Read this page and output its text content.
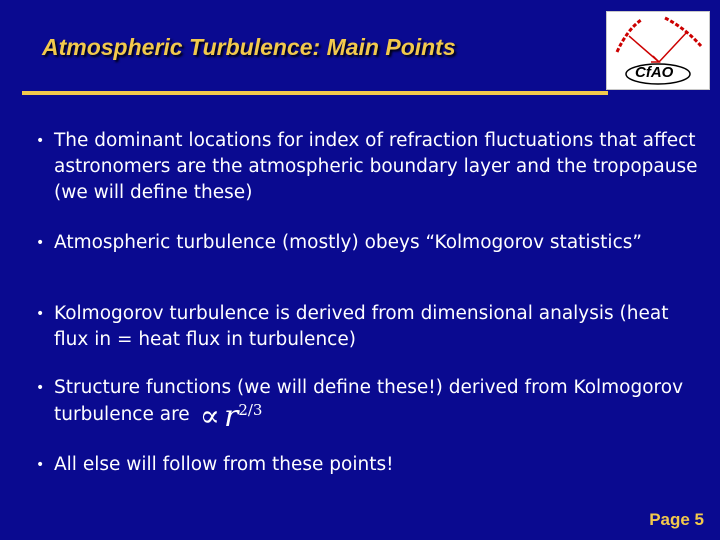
Atmospheric Turbulence: Main Points
CfAO
• The dominant locations for index of refraction fluctuations that affect astronomers are the atmospheric boundary layer and the tropopause (we will define these)
• Atmospheric turbulence (mostly) obeys “Kolmogorov statistics”
• Kolmogorov turbulence is derived from dimensional analysis (heat flux in = heat flux in turbulence)
• Structure functions (we will define these!) derived from Kolmogorov turbulence are ∝ $r^{2/3}$
• All else will follow from these points!
Page 5
